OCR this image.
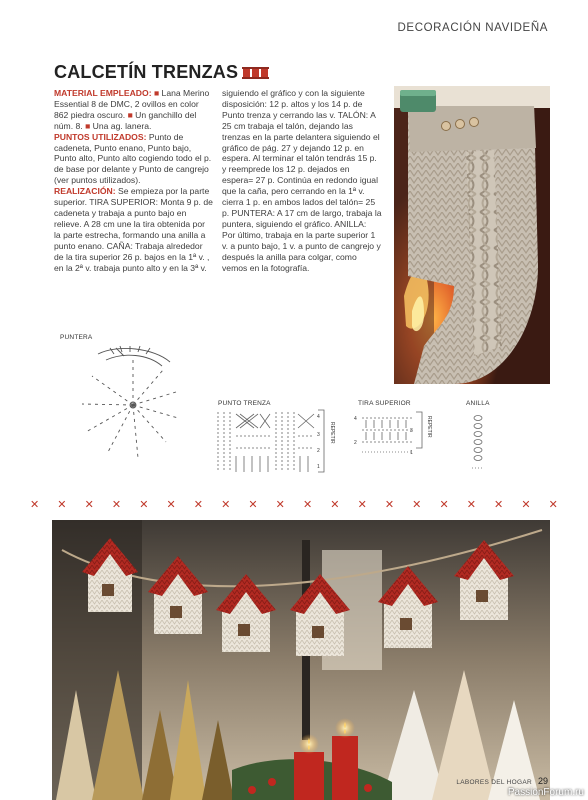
DECORACIÓN NAVIDEÑA
CALCETÍN TRENZAS

MATERIAL EMPLEADO: ■ Lana Merino Essential 8 de DMC, 2 ovillos en color 862 piedra oscuro. ■ Un ganchillo del núm. 8. ■ Una ag. lanera.

PUNTOS UTILIZADOS: Punto de cadeneta, Punto enano, Punto bajo, Punto alto, Punto alto cogiendo todo el p. de base por delante y Punto de cangrejo (ver puntos utilizados).

REALIZACIÓN: Se empieza por la parte superior. TIRA SUPERIOR: Monta 9 p. de cadeneta y trabaja a punto bajo en relieve. A 28 cm une la tira obtenida por la parte estrecha, formando una anilla a punto enano. CAÑA: Trabaja alrededor de la tira superior 26 p. bajos en la 1ª v. , en la 2ª v. trabaja punto alto y en la 3ª v.

siguiendo el gráfico y con la siguiente disposición: 12 p. altos y los 14 p. de Punto trenza y cerrando las v. TALÓN: A 25 cm trabaja el talón, dejando las trenzas en la parte delantera siguiendo el gráfico de pág. 27 y dejando 12 p. en espera. Al terminar el talón tendrás 15 p. y reemprede los 12 p. dejados en espera= 27 p. Continúa en redondo igual que la caña, pero cerrando en la 1ª v. cierra 1 p. en ambos lados del talón= 25 p. PUNTERA: A 17 cm de largo, trabaja la puntera, siguiendo el gráfico. ANILLA: Por último, trabaja en la parte superior 1 v. a punto bajo, 1 v. a punto de cangrejo y después la anilla para colgar, como vemos en la fotografía.

PUNTERA
PUNTO TRENZA
4
3
2
1
REPETIR
TIRA SUPERIOR
4
3
2
1
REPETIR
ANILLA
✕ ✕ ✕ ✕ ✕ ✕ ✕ ✕ ✕ ✕ ✕ ✕ ✕ ✕ ✕ ✕ ✕ ✕ ✕ ✕
LABORES DEL HOGAR 29
PassionForum.ru
